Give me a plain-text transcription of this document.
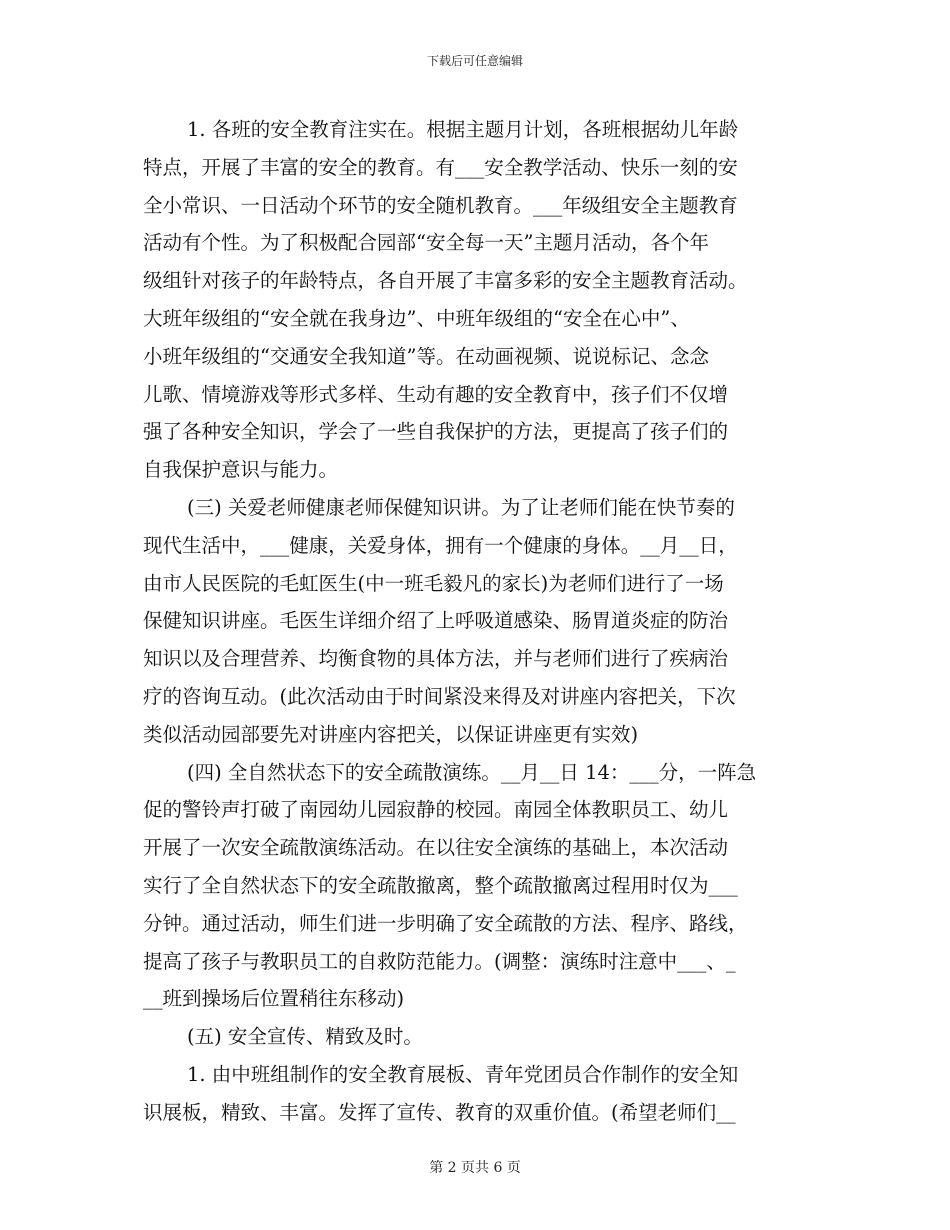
下载后可任意编辑
1. 各班的安全教育注实在。根据主题月计划，各班根据幼儿年龄
特点，开展了丰富的安全的教育。有___安全教学活动、快乐一刻的安
全小常识、一日活动个环节的安全随机教育。___年级组安全主题教育
活动有个性。为了积极配合园部“安全每一天”主题月活动，各个年
级组针对孩子的年龄特点，各自开展了丰富多彩的安全主题教育活动。
大班年级组的“安全就在我身边”、中班年级组的“安全在心中”、
小班年级组的“交通安全我知道”等。在动画视频、说说标记、念念
儿歌、情境游戏等形式多样、生动有趣的安全教育中，孩子们不仅增
强了各种安全知识，学会了一些自我保护的方法，更提高了孩子们的
自我保护意识与能力。
(三) 关爱老师健康老师保健知识讲。为了让老师们能在快节奏的
现代生活中，___健康，关爱身体，拥有一个健康的身体。__月__日，
由市人民医院的毛虹医生(中一班毛毅凡的家长)为老师们进行了一场
保健知识讲座。毛医生详细介绍了上呼吸道感染、肠胃道炎症的防治
知识以及合理营养、均衡食物的具体方法，并与老师们进行了疾病治
疗的咨询互动。(此次活动由于时间紧没来得及对讲座内容把关，下次
类似活动园部要先对讲座内容把关，以保证讲座更有实效)
(四) 全自然状态下的安全疏散演练。__月__日 14：___分，一阵急
促的警铃声打破了南园幼儿园寂静的校园。南园全体教职员工、幼儿
开展了一次安全疏散演练活动。在以往安全演练的基础上，本次活动
实行了全自然状态下的安全疏散撤离，整个疏散撤离过程用时仅为___
分钟。通过活动，师生们进一步明确了安全疏散的方法、程序、路线，
提高了孩子与教职员工的自救防范能力。(调整：演练时注意中___、_
__班到操场后位置稍往东移动)
(五) 安全宣传、精致及时。
1. 由中班组制作的安全教育展板、青年党团员合作制作的安全知
识展板，精致、丰富。发挥了宣传、教育的双重价值。(希望老师们__
第 2 页共 6 页
